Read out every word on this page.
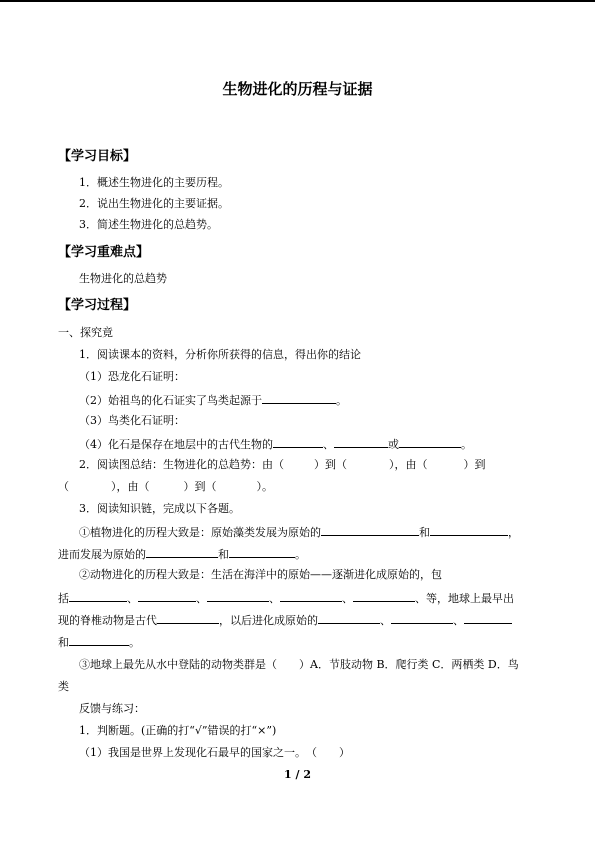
生物进化的历程与证据
【学习目标】
1．概述生物进化的主要历程。
2．说出生物进化的主要证据。
3．简述生物进化的总趋势。
【学习重难点】
生物进化的总趋势
【学习过程】
一、探究竟
1．阅读课本的资料，分析你所获得的信息，得出你的结论
（1）恐龙化石证明：
（2）始祖鸟的化石证实了鸟类起源于	。
（3）鸟类化石证明：
（4）化石是保存在地层中的古代生物的	、	或	。
2．阅读图总结：生物进化的总趋势：由（	）到（	），由（	）到
（	），由（	）到（	）。
3．阅读知识链，完成以下各题。
①植物进化的历程大致是：原始藻类发展为原始的	和	，
进而发展为原始的	和	。
②动物进化的历程大致是：生活在海洋中的原始——逐渐进化成原始的，包
括	、	、	、	、	、等，地球上最早出
现的脊椎动物是古代	，以后进化成原始的	、	、
和	。
③地球上最先从水中登陆的动物类群是（　　）A．节肢动物 B．爬行类 C．两栖类 D．鸟
类
反馈与练习：
1．判断题。(正确的打“√”错误的打“×”)
（1）我国是世界上发现化石最早的国家之一。　（　　）
1 / 2
